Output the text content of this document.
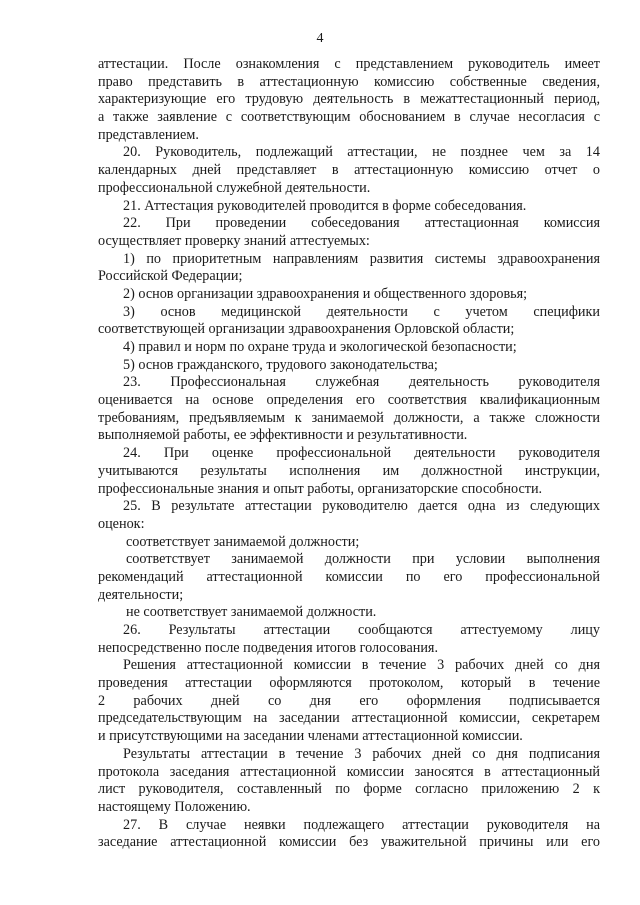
4
аттестации. После ознакомления с представлением руководитель имеет
право представить в аттестационную комиссию собственные сведения,
характеризующие его трудовую деятельность в межаттестационный период,
а также заявление с соответствующим обоснованием в случае несогласия с
представлением.
20. Руководитель, подлежащий аттестации, не позднее чем за 14
календарных дней представляет в аттестационную комиссию отчет о
профессиональной служебной деятельности.
21. Аттестация руководителей проводится в форме собеседования.
22. При проведении собеседования аттестационная комиссия
осуществляет проверку знаний аттестуемых:
1) по приоритетным направлениям развития системы здравоохранения
Российской Федерации;
2) основ организации здравоохранения и общественного здоровья;
3) основ медицинской деятельности с учетом специфики
соответствующей организации здравоохранения Орловской области;
4) правил и норм по охране труда и экологической безопасности;
5) основ гражданского, трудового законодательства;
23. Профессиональная служебная деятельность руководителя
оценивается на основе определения его соответствия квалификационным
требованиям, предъявляемым к занимаемой должности, а также сложности
выполняемой работы, ее эффективности и результативности.
24. При оценке профессиональной деятельности руководителя
учитываются результаты исполнения им должностной инструкции,
профессиональные знания и опыт работы, организаторские способности.
25. В результате аттестации руководителю дается одна из следующих
оценок:
соответствует занимаемой должности;
соответствует занимаемой должности при условии выполнения
рекомендаций аттестационной комиссии по его профессиональной
деятельности;
не соответствует занимаемой должности.
26. Результаты аттестации сообщаются аттестуемому лицу
непосредственно после подведения итогов голосования.
Решения аттестационной комиссии в течение 3 рабочих дней со дня
проведения аттестации оформляются протоколом, который в течение
2 рабочих дней со дня его оформления подписывается
председательствующим на заседании аттестационной комиссии, секретарем
и присутствующими на заседании членами аттестационной комиссии.
Результаты аттестации в течение 3 рабочих дней со дня подписания
протокола заседания аттестационной комиссии заносятся в аттестационный
лист руководителя, составленный по форме согласно приложению 2 к
настоящему Положению.
27. В случае неявки подлежащего аттестации руководителя на
заседание аттестационной комиссии без уважительной причины или его
